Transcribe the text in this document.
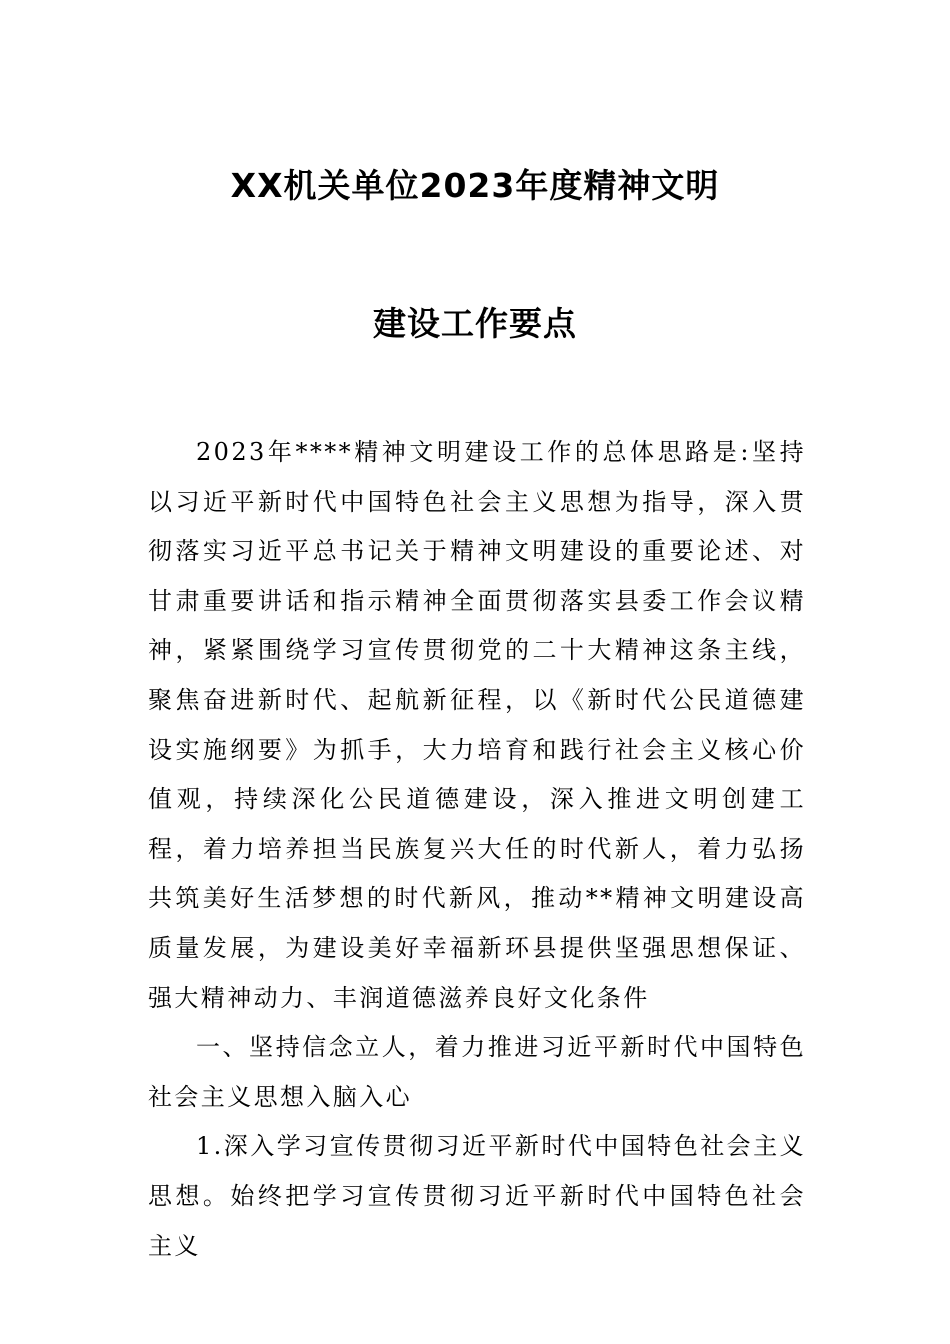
XX机关单位2023年度精神文明
建设工作要点

2023年****精神文明建设工作的总体思路是:坚持以习近平新时代中国特色社会主义思想为指导，深入贯彻落实习近平总书记关于精神文明建设的重要论述、对甘肃重要讲话和指示精神全面贯彻落实县委工作会议精神，紧紧围绕学习宣传贯彻党的二十大精神这条主线，聚焦奋进新时代、起航新征程，以《新时代公民道德建设实施纲要》为抓手，大力培育和践行社会主义核心价值观，持续深化公民道德建设，深入推进文明创建工程，着力培养担当民族复兴大任的时代新人，着力弘扬共筑美好生活梦想的时代新风，推动**精神文明建设高质量发展，为建设美好幸福新环县提供坚强思想保证、强大精神动力、丰润道德滋养良好文化条件

一、坚持信念立人，着力推进习近平新时代中国特色社会主义思想入脑入心

1.深入学习宣传贯彻习近平新时代中国特色社会主义思想。始终把学习宣传贯彻习近平新时代中国特色社会主义
